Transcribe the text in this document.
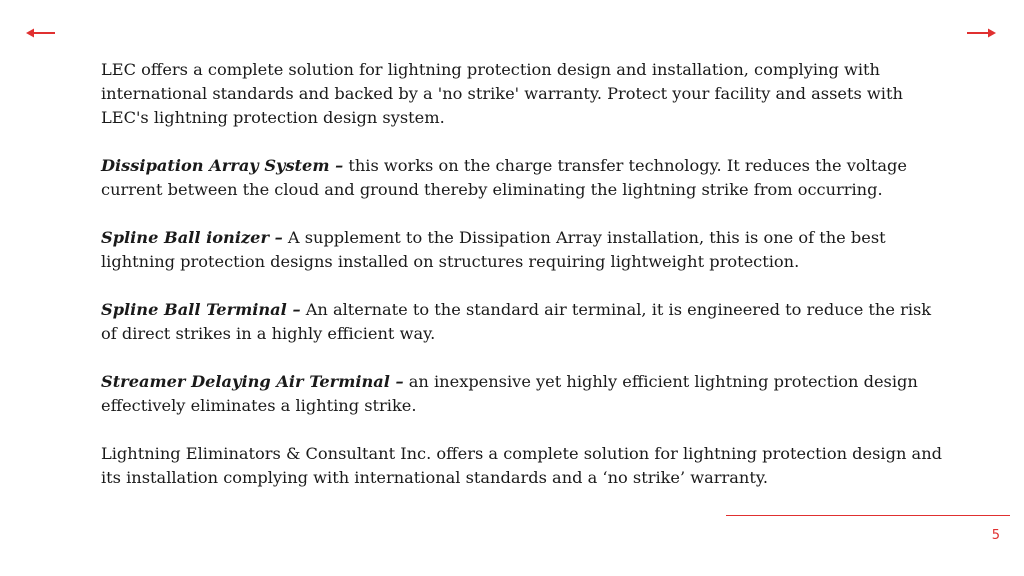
LEC offers a complete solution for lightning protection design and installation, complying with international standards and backed by a 'no strike' warranty. Protect your facility and assets with LEC's lightning protection design system.

Dissipation Array System – this works on the charge transfer technology. It reduces the voltage current between the cloud and ground thereby eliminating the lightning strike from occurring.

Spline Ball ionizer – A supplement to the Dissipation Array installation, this is one of the best lightning protection designs installed on structures requiring lightweight protection.

Spline Ball Terminal – An alternate to the standard air terminal, it is engineered to reduce the risk of direct strikes in a highly efficient way.

Streamer Delaying Air Terminal – an inexpensive yet highly efficient lightning protection design effectively eliminates a lighting strike.

Lightning Eliminators & Consultant Inc. offers a complete solution for lightning protection design and its installation complying with international standards and a ‘no strike’ warranty.

5
